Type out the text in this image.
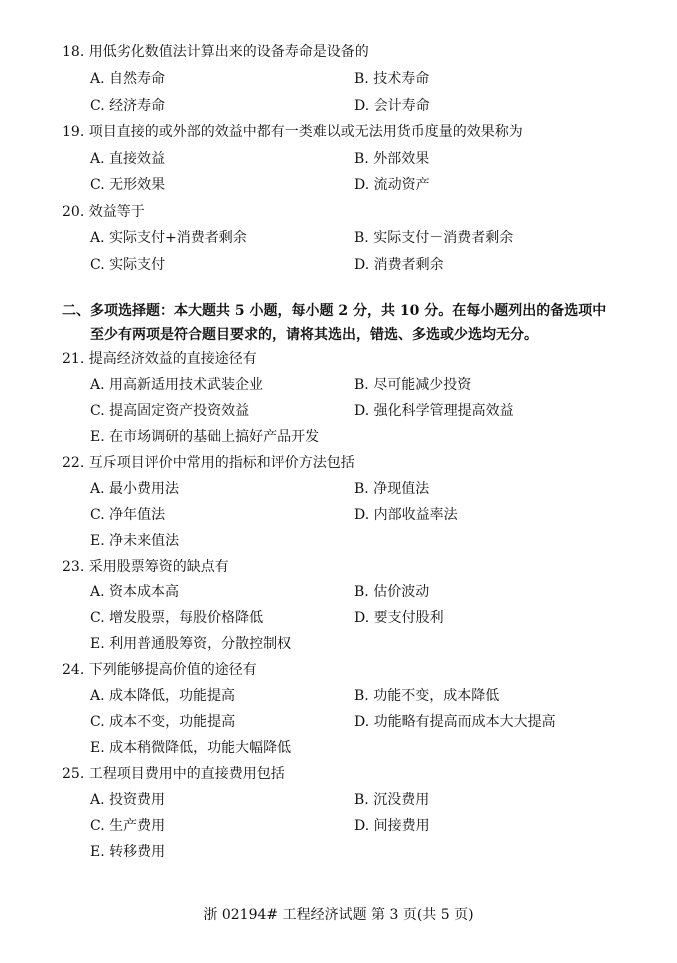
18. 用低劣化数值法计算出来的设备寿命是设备的
A. 自然寿命	B. 技术寿命
C. 经济寿命	D. 会计寿命
19. 项目直接的或外部的效益中都有一类难以或无法用货币度量的效果称为
A. 直接效益	B. 外部效果
C. 无形效果	D. 流动资产
20. 效益等于
A. 实际支付+消费者剩余	B. 实际支付－消费者剩余
C. 实际支付	D. 消费者剩余
二、多项选择题：本大题共 5 小题，每小题 2 分，共 10 分。在每小题列出的备选项中
至少有两项是符合题目要求的，请将其选出，错选、多选或少选均无分。
21. 提高经济效益的直接途径有
A. 用高新适用技术武装企业	B. 尽可能减少投资
C. 提高固定资产投资效益	D. 强化科学管理提高效益
E. 在市场调研的基础上搞好产品开发
22. 互斥项目评价中常用的指标和评价方法包括
A. 最小费用法	B. 净现值法
C. 净年值法	D. 内部收益率法
E. 净未来值法
23. 采用股票筹资的缺点有
A. 资本成本高	B. 估价波动
C. 增发股票，每股价格降低	D. 要支付股利
E. 利用普通股筹资，分散控制权
24. 下列能够提高价值的途径有
A. 成本降低，功能提高	B. 功能不变，成本降低
C. 成本不变，功能提高	D. 功能略有提高而成本大大提高
E. 成本稍微降低，功能大幅降低
25. 工程项目费用中的直接费用包括
A. 投资费用	B. 沉没费用
C. 生产费用	D. 间接费用
E. 转移费用
浙 02194# 工程经济试题 第 3 页(共 5 页)
